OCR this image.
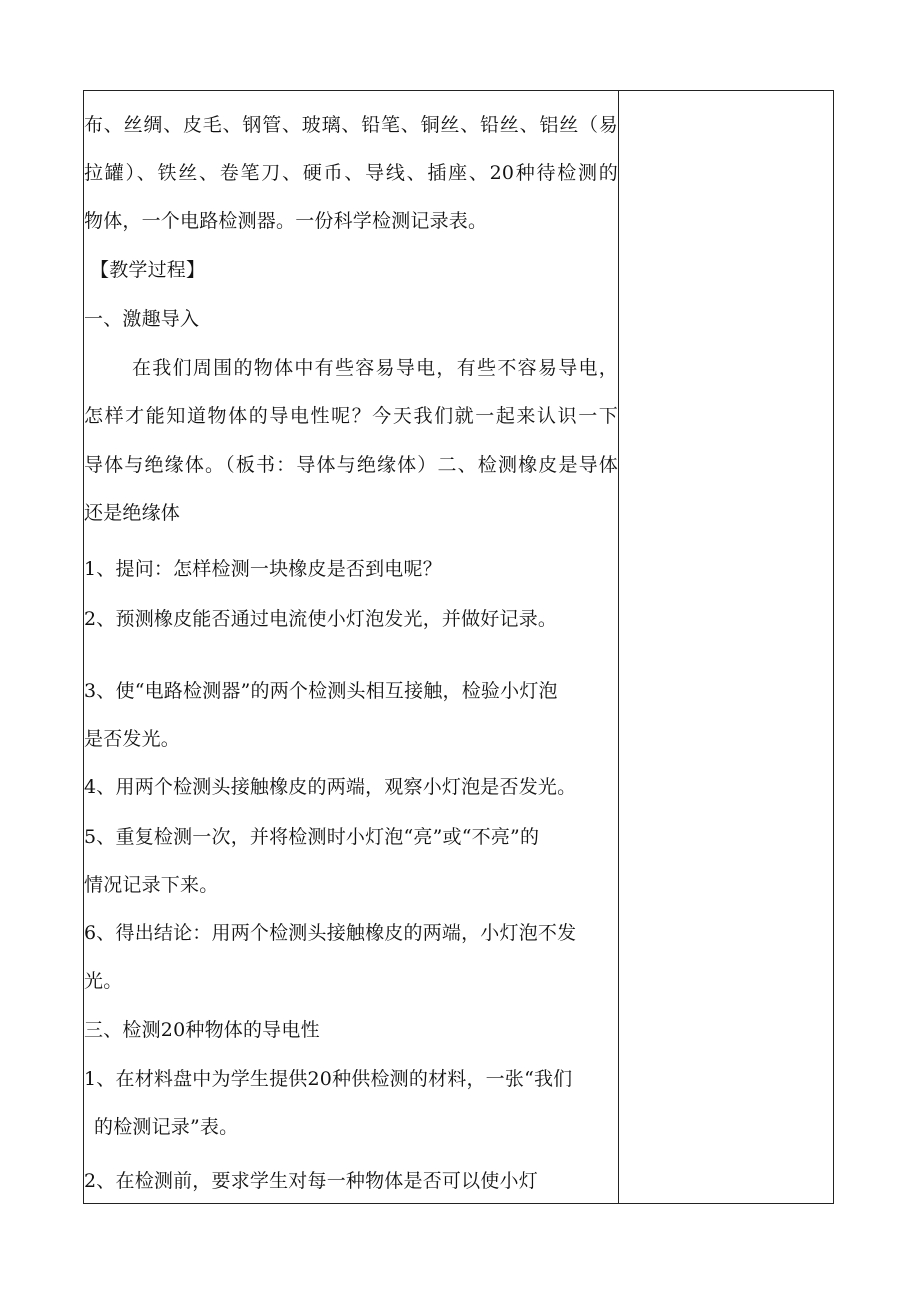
布、丝绸、皮毛、钢管、玻璃、铅笔、铜丝、铅丝、铝丝（易
拉罐）、铁丝、卷笔刀、硬币、导线、插座、20种待检测的
物体，一个电路检测器。一份科学检测记录表。
【教学过程】
一、激趣导入
在我们周围的物体中有些容易导电，有些不容易导电，
怎样才能知道物体的导电性呢？今天我们就一起来认识一下
导体与绝缘体。（板书：导体与绝缘体）二、检测橡皮是导体
还是绝缘体
1、提问：怎样检测一块橡皮是否到电呢？
2、预测橡皮能否通过电流使小灯泡发光，并做好记录。
3、使“电路检测器”的两个检测头相互接触，检验小灯泡
是否发光。
4、用两个检测头接触橡皮的两端，观察小灯泡是否发光。
5、重复检测一次，并将检测时小灯泡“亮”或“不亮”的
情况记录下来。
6、得出结论：用两个检测头接触橡皮的两端，小灯泡不发
光。
三、检测20种物体的导电性
1、在材料盘中为学生提供20种供检测的材料，一张“我们
的检测记录”表。
2、在检测前，要求学生对每一种物体是否可以使小灯
